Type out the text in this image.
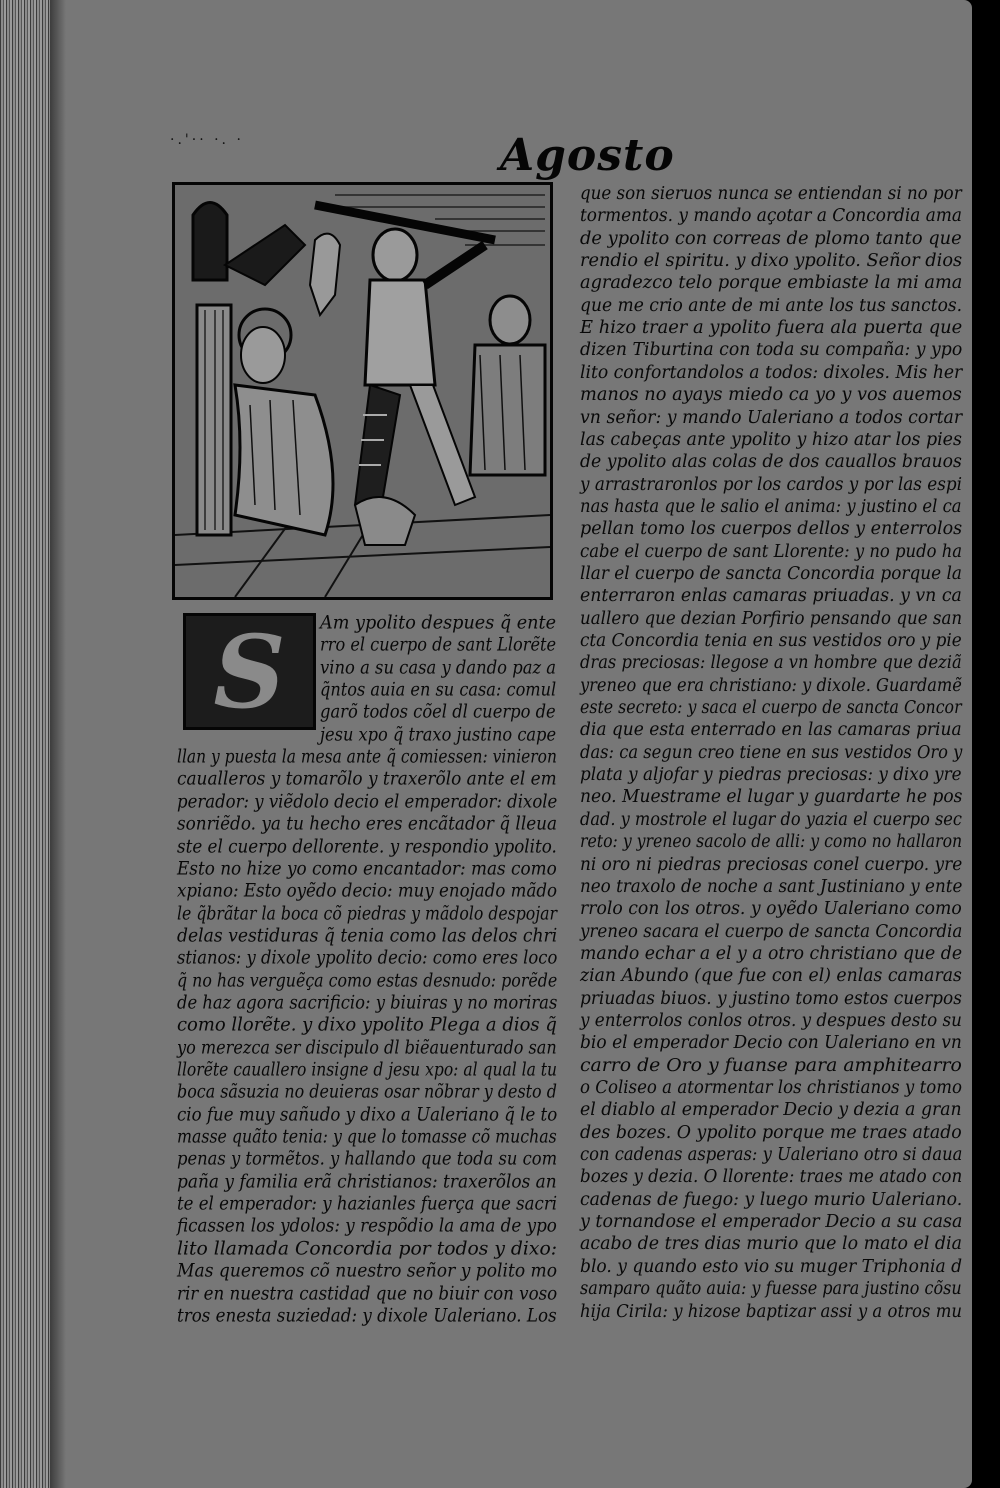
·.'·· ·. ·	Agosto
S Am ypolito despues q̃ ente
rro el cuerpo de sant Llorẽte
vino a su casa y dando paz a
q̃ntos auia en su casa: comul
garõ todos cõel dl cuerpo de
jesu xpo q̃ traxo justino cape
llan y puesta la mesa ante q̃ comiessen: vinieron
caualleros y tomarõlo y traxerõlo ante el em
perador: y viẽdolo decio el emperador: dixole
sonriẽdo. ya tu hecho eres encãtador q̃ lleua
ste el cuerpo dellorente. y respondio ypolito.
Esto no hize yo como encantador: mas como
xpiano: Esto oyẽdo decio: muy enojado mãdo
le q̃brãtar la boca cõ piedras y mãdolo despojar
delas vestiduras q̃ tenia como las delos chri
stianos: y dixole ypolito decio: como eres loco
q̃ no has verguẽça como estas desnudo: porẽde
de haz agora sacrificio: y biuiras y no moriras
como llorẽte. y dixo ypolito Plega a dios q̃
yo merezca ser discipulo dl biẽauenturado san
llorẽte cauallero insigne d jesu xpo: al qual la tu
boca sãsuzia no deuieras osar nõbrar y desto d
cio fue muy sañudo y dixo a Ualeriano q̃ le to
masse quãto tenia: y que lo tomasse cõ muchas
penas y tormẽtos. y hallando que toda su com
paña y familia erã christianos: traxerõlos an
te el emperador: y hazianles fuerça que sacri
ficassen los ydolos: y respõdio la ama de ypo
lito llamada Concordia por todos y dixo:
Mas queremos cõ nuestro señor y polito mo
rir en nuestra castidad que no biuir con voso
tros enesta suziedad: y dixole Ualeriano. Los
que son sieruos nunca se entiendan si no por
tormentos. y mando açotar a Concordia ama
de ypolito con correas de plomo tanto que
rendio el spiritu. y dixo ypolito. Señor dios
agradezco telo porque embiaste la mi ama
que me crio ante de mi ante los tus sanctos.
E hizo traer a ypolito fuera ala puerta que
dizen Tiburtina con toda su compaña: y ypo
lito confortandolos a todos: dixoles. Mis her
manos no ayays miedo ca yo y vos auemos
vn señor: y mando Ualeriano a todos cortar
las cabeças ante ypolito y hizo atar los pies
de ypolito alas colas de dos cauallos brauos
y arrastraronlos por los cardos y por las espi
nas hasta que le salio el anima: y justino el ca
pellan tomo los cuerpos dellos y enterrolos
cabe el cuerpo de sant Llorente: y no pudo ha
llar el cuerpo de sancta Concordia porque la
enterraron enlas camaras priuadas. y vn ca
uallero que dezian Porfirio pensando que san
cta Concordia tenia en sus vestidos oro y pie
dras preciosas: llegose a vn hombre que deziã
yreneo que era christiano: y dixole. Guardamẽ
este secreto: y saca el cuerpo de sancta Concor
dia que esta enterrado en las camaras priua
das: ca segun creo tiene en sus vestidos Oro y
plata y aljofar y piedras preciosas: y dixo yre
neo. Muestrame el lugar y guardarte he pos
dad. y mostrole el lugar do yazia el cuerpo sec
reto: y yreneo sacolo de alli: y como no hallaron
ni oro ni piedras preciosas conel cuerpo. yre
neo traxolo de noche a sant Justiniano y ente
rrolo con los otros. y oyẽdo Ualeriano como
yreneo sacara el cuerpo de sancta Concordia
mando echar a el y a otro christiano que de
zian Abundo (que fue con el) enlas camaras
priuadas biuos. y justino tomo estos cuerpos
y enterrolos conlos otros. y despues desto su
bio el emperador Decio con Ualeriano en vn
carro de Oro y fuanse para amphitearro
o Coliseo a atormentar los christianos y tomo
el diablo al emperador Decio y dezia a gran
des bozes. O ypolito porque me traes atado
con cadenas asperas: y Ualeriano otro si daua
bozes y dezia. O llorente: traes me atado con
cadenas de fuego: y luego murio Ualeriano.
y tornandose el emperador Decio a su casa
acabo de tres dias murio que lo mato el dia
blo. y quando esto vio su muger Triphonia d
samparo quãto auia: y fuesse para justino cõsu
hija Cirila: y hizose baptizar assi y a otros mu
